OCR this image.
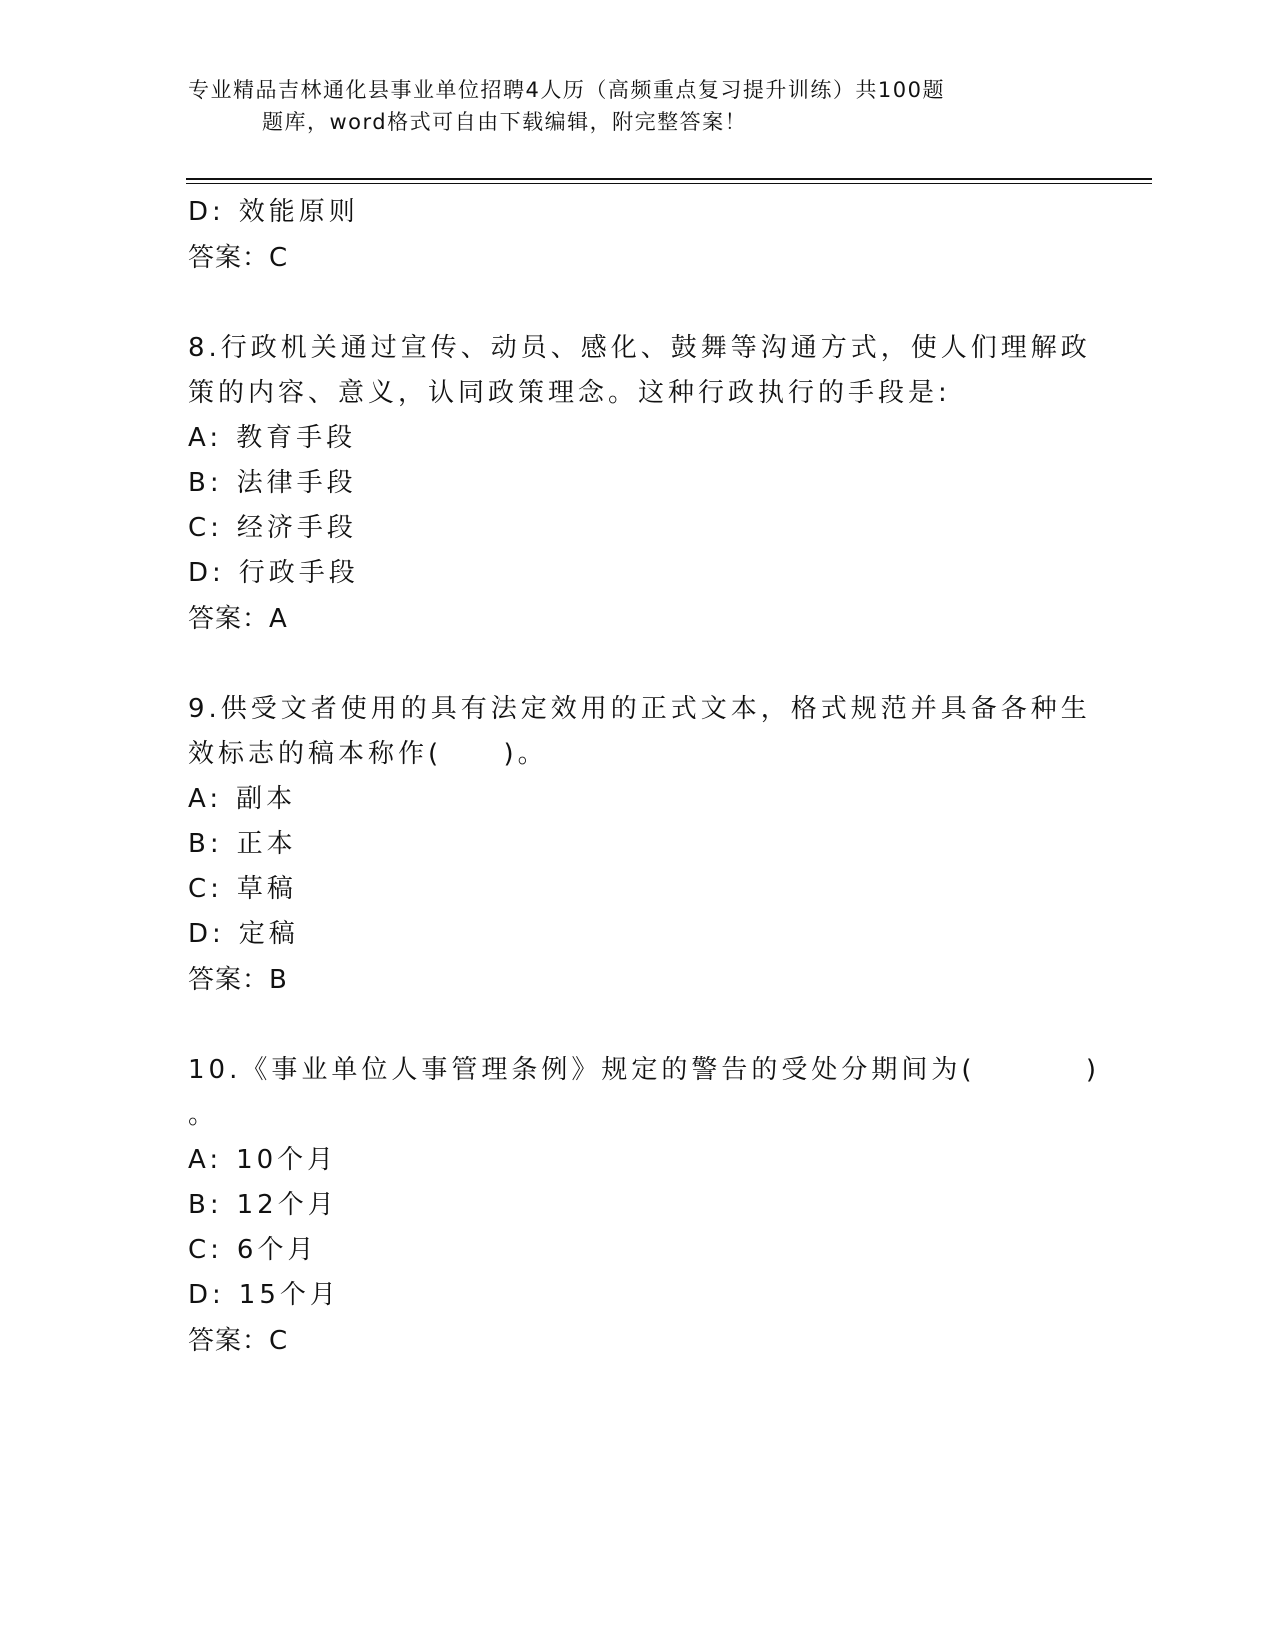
专业精品吉林通化县事业单位招聘4人历（高频重点复习提升训练）共100题
题库，word格式可自由下载编辑，附完整答案！
D: 效能原则
答案：C
8.行政机关通过宣传、动员、感化、鼓舞等沟通方式，使人们理解政
策的内容、意义，认同政策理念。这种行政执行的手段是:
A: 教育手段
B: 法律手段
C: 经济手段
D: 行政手段
答案：A
9.供受文者使用的具有法定效用的正式文本，格式规范并具备各种生
效标志的稿本称作(     )。
A: 副本
B: 正本
C: 草稿
D: 定稿
答案：B
10.《事业单位人事管理条例》规定的警告的受处分期间为(         )
。
A: 10个月
B: 12个月
C: 6个月
D: 15个月
答案：C
